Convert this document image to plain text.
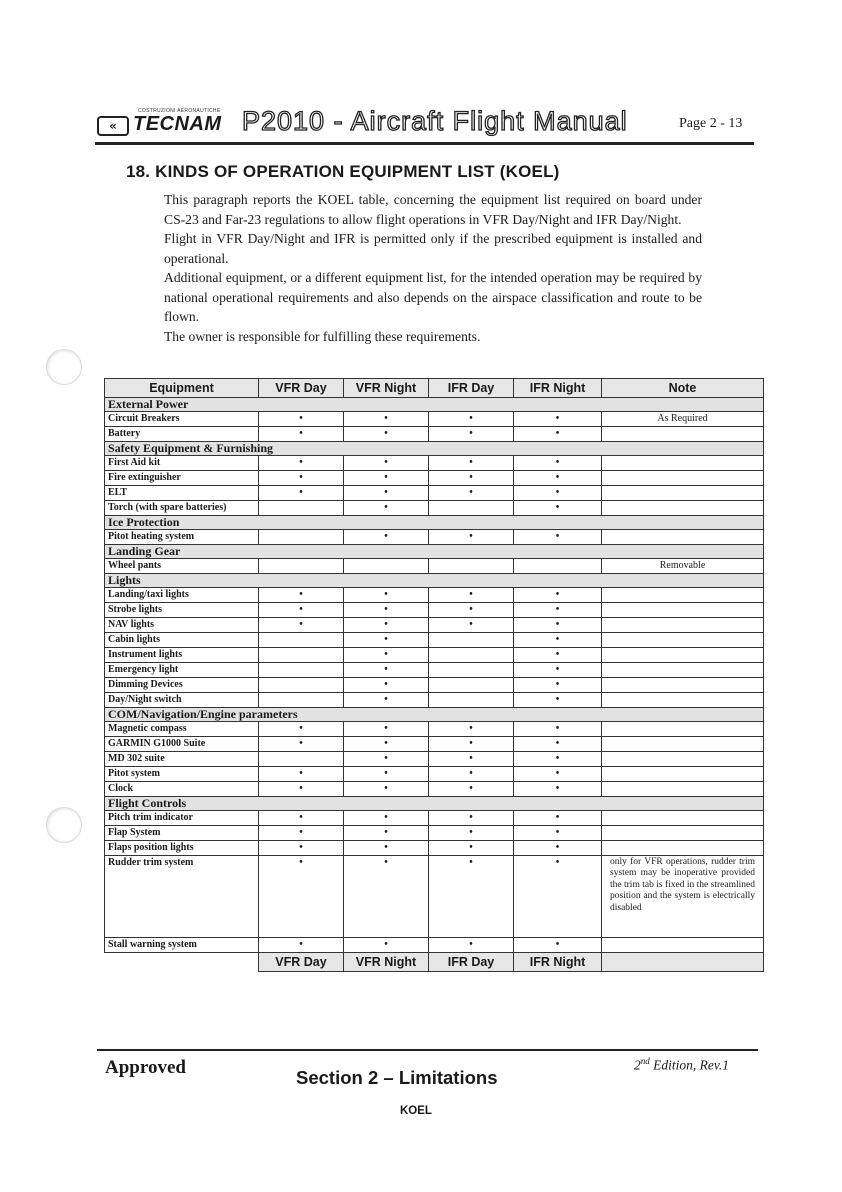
COSTRUZIONI AERONAUTICHE
« TECNAM P2010 - Aircraft Flight Manual	Page 2 - 13
18. KINDS OF OPERATION EQUIPMENT LIST (KOEL)

This paragraph reports the KOEL table, concerning the equipment list required on board under CS-23 and Far-23 regulations to allow flight operations in VFR Day/Night and IFR Day/Night.

Flight in VFR Day/Night and IFR is permitted only if the prescribed equipment is installed and operational.

Additional equipment, or a different equipment list, for the intended operation may be required by national operational requirements and also depends on the airspace classification and route to be flown.

The owner is responsible for fulfilling these requirements.

Equipment	VFR Day	VFR Night	IFR Day	IFR Night	Note
External Power					
Circuit Breakers	•	•	•	•	As Required
Battery	•	•	•	•	
Safety Equipment & Furnishing					
First Aid kit	•	•	•	•	
Fire extinguisher	•	•	•	•	
ELT	•	•	•	•	
Torch (with spare batteries)		•		•	
Ice Protection					
Pitot heating system		•	•	•	
Landing Gear					
Wheel pants					Removable
Lights					
Landing/taxi lights	•	•	•	•	
Strobe lights	•	•	•	•	
NAV lights	•	•	•	•	
Cabin lights		•		•	
Instrument lights		•		•	
Emergency light		•		•	
Dimming Devices		•		•	
Day/Night switch		•		•	
COM/Navigation/Engine parameters					
Magnetic compass	•	•	•	•	
GARMIN G1000 Suite	•	•	•	•	
MD 302 suite		•	•	•	
Pitot system	•	•	•	•	
Clock	•	•	•	•	
Flight Controls					
Pitch trim indicator	•	•	•	•	
Flap System	•	•	•	•	
Flaps position lights	•	•	•	•	
Rudder trim system	•	•	•	•	only for VFR operations, rudder trim system may be inoperative provided the trim tab is fixed in the streamlined position and the system is electrically disabled
Stall warning system	•	•	•	•	
	VFR Day	VFR Night	IFR Day	IFR Night	
Approved	2nd Edition, Rev.1
Section 2 – Limitations
KOEL
